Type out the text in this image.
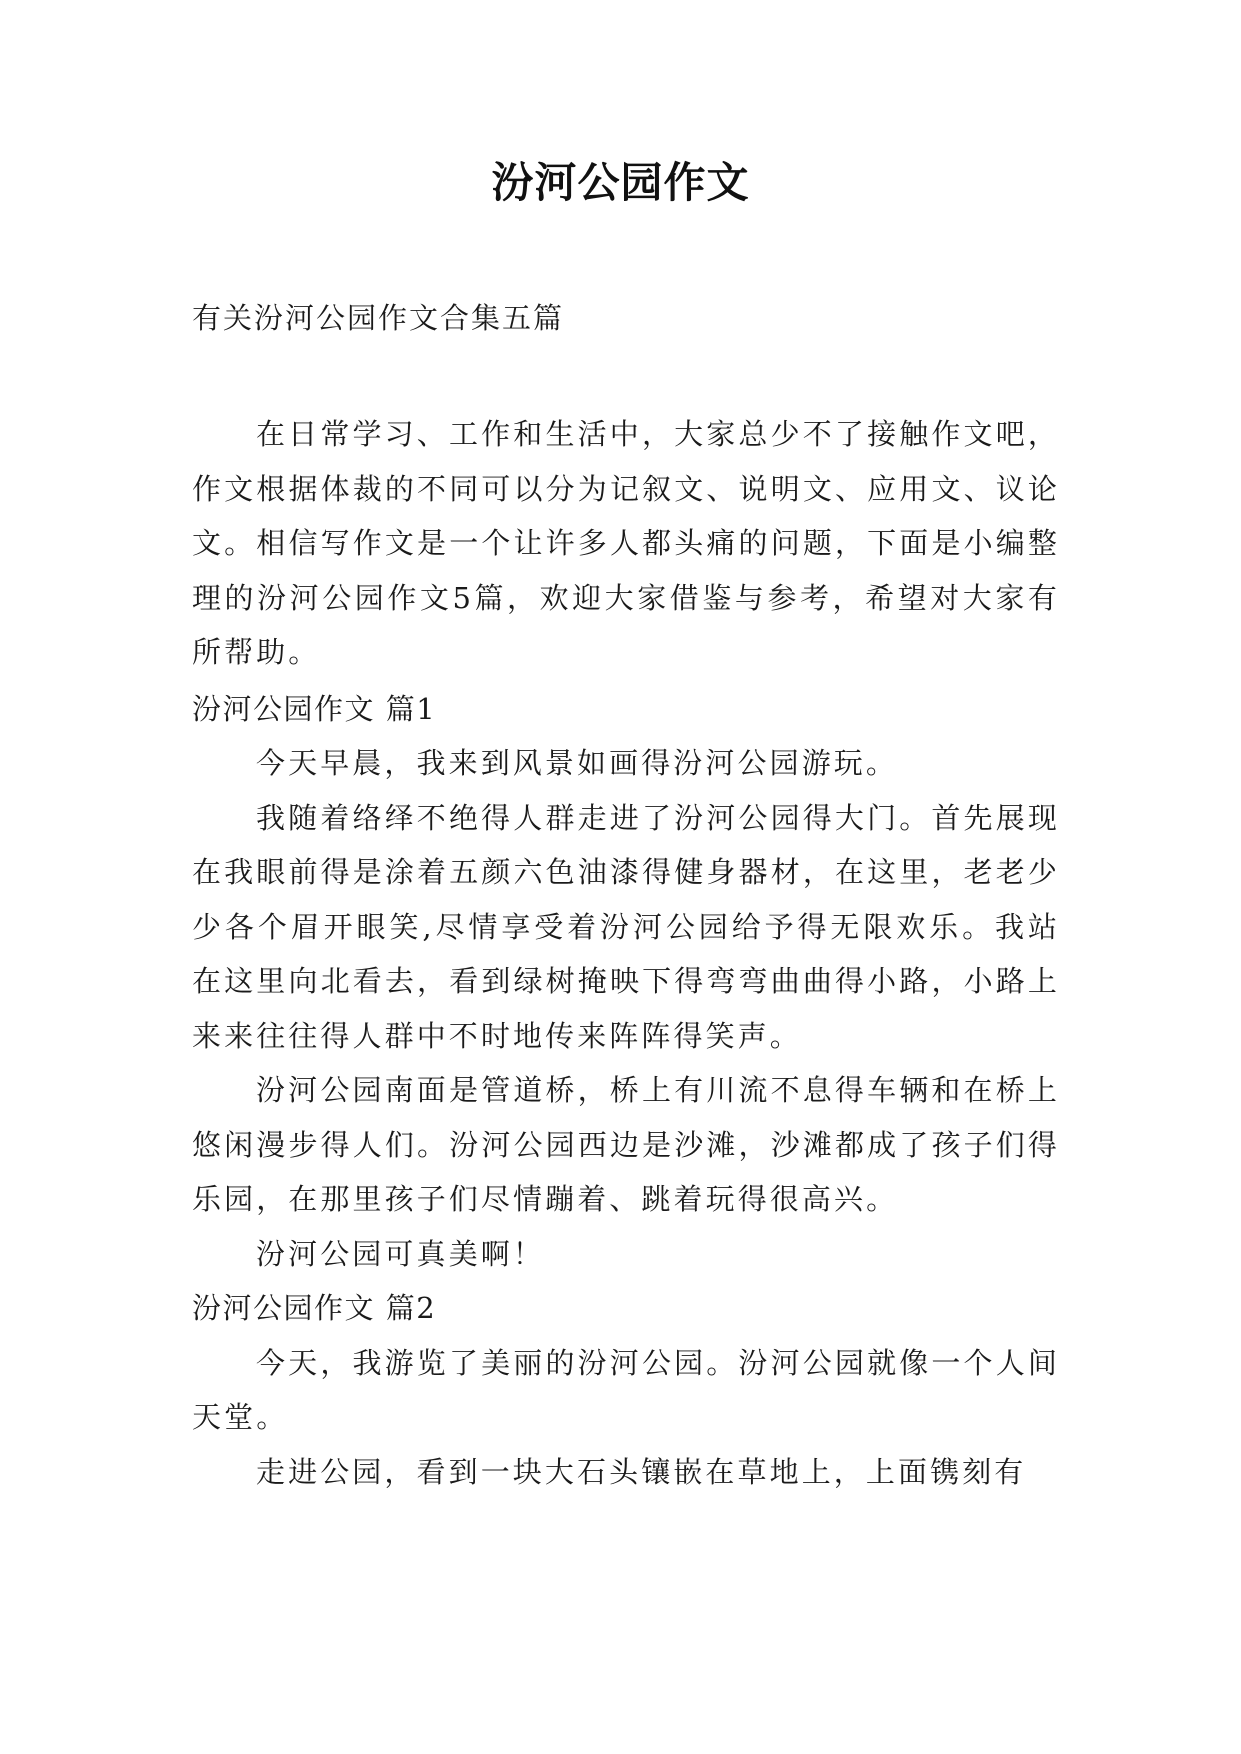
汾河公园作文
有关汾河公园作文合集五篇

在日常学习、工作和生活中，大家总少不了接触作文吧，作文根据体裁的不同可以分为记叙文、说明文、应用文、议论文。相信写作文是一个让许多人都头痛的问题，下面是小编整理的汾河公园作文5篇，欢迎大家借鉴与参考，希望对大家有所帮助。

汾河公园作文 篇1

今天早晨，我来到风景如画得汾河公园游玩。

我随着络绎不绝得人群走进了汾河公园得大门。首先展现在我眼前得是涂着五颜六色油漆得健身器材，在这里，老老少少各个眉开眼笑,尽情享受着汾河公园给予得无限欢乐。我站在这里向北看去，看到绿树掩映下得弯弯曲曲得小路，小路上来来往往得人群中不时地传来阵阵得笑声。

汾河公园南面是管道桥，桥上有川流不息得车辆和在桥上悠闲漫步得人们。汾河公园西边是沙滩，沙滩都成了孩子们得乐园，在那里孩子们尽情蹦着、跳着玩得很高兴。

汾河公园可真美啊！

汾河公园作文 篇2

今天，我游览了美丽的汾河公园。汾河公园就像一个人间天堂。

走进公园，看到一块大石头镶嵌在草地上，上面镌刻有
